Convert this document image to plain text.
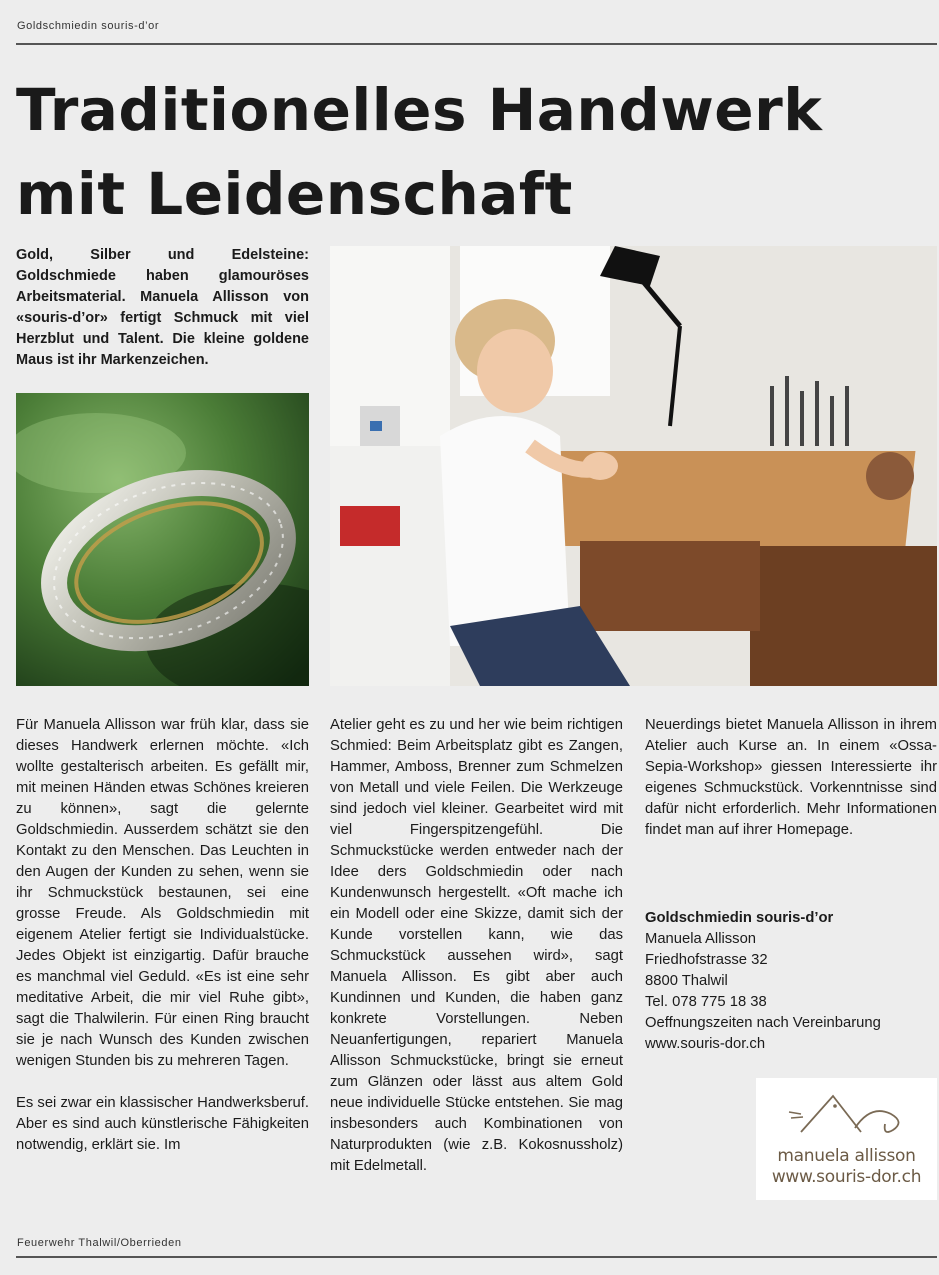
Goldschmiedin souris-d’or
Traditionelles Handwerk mit Leidenschaft

Gold, Silber und Edelsteine: Goldschmiede haben glamouröses Arbeitsmaterial. Manuela Allisson von «souris-d’or» fertigt Schmuck mit viel Herzblut und Talent. Die kleine goldene Maus ist ihr Markenzeichen.

Für Manuela Allisson war früh klar, dass sie dieses Handwerk erlernen möchte. «Ich wollte gestalterisch arbeiten. Es gefällt mir, mit meinen Händen etwas Schönes kreieren zu können», sagt die gelernte Goldschmiedin. Ausserdem schätzt sie den Kontakt zu den Menschen. Das Leuchten in den Augen der Kunden zu sehen, wenn sie ihr Schmuckstück bestaunen, sei eine grosse Freude. Als Goldschmiedin mit eigenem Atelier fertigt sie Individualstücke. Jedes Objekt ist einzigartig. Dafür brauche es manchmal viel Geduld. «Es ist eine sehr meditative Arbeit, die mir viel Ruhe gibt», sagt die Thalwilerin. Für einen Ring braucht sie je nach Wunsch des Kunden zwischen wenigen Stunden bis zu mehreren Tagen.

Es sei zwar ein klassischer Handwerksberuf. Aber es sind auch künstlerische Fähigkeiten notwendig, erklärt sie. Im

Atelier geht es zu und her wie beim richtigen Schmied: Beim Arbeitsplatz gibt es Zangen, Hammer, Amboss, Brenner zum Schmelzen von Metall und viele Feilen. Die Werkzeuge sind jedoch viel kleiner. Gearbeitet wird mit viel Fingerspitzengefühl. Die Schmuckstücke werden entweder nach der Idee ders Goldschmiedin oder nach Kundenwunsch hergestellt. «Oft mache ich ein Modell oder eine Skizze, damit sich der Kunde vorstellen kann, wie das Schmuckstück aussehen wird», sagt Manuela Allisson. Es gibt aber auch Kundinnen und Kunden, die haben ganz konkrete Vorstellungen. Neben Neuanfertigungen, repariert Manuela Allisson Schmuckstücke, bringt sie erneut zum Glänzen oder lässt aus altem Gold neue individuelle Stücke entstehen. Sie mag insbesonders auch Kombinationen von Naturprodukten (wie z.B. Kokosnussholz) mit Edelmetall.

Neuerdings bietet Manuela Allisson in ihrem Atelier auch Kurse an. In einem «Ossa-Sepia-Workshop» giessen Interessierte ihr eigenes Schmuckstück. Vorkenntnisse sind dafür nicht erforderlich. Mehr Informationen findet man auf ihrer Homepage.

Goldschmiedin souris-d’or
Manuela Allisson
Friedhofstrasse 32
8800 Thalwil
Tel. 078 775 18 38
Oeffnungszeiten nach Vereinbarung
www.souris-dor.ch
manuela allisson
www.souris-dor.ch
Feuerwehr Thalwil/Oberrieden
